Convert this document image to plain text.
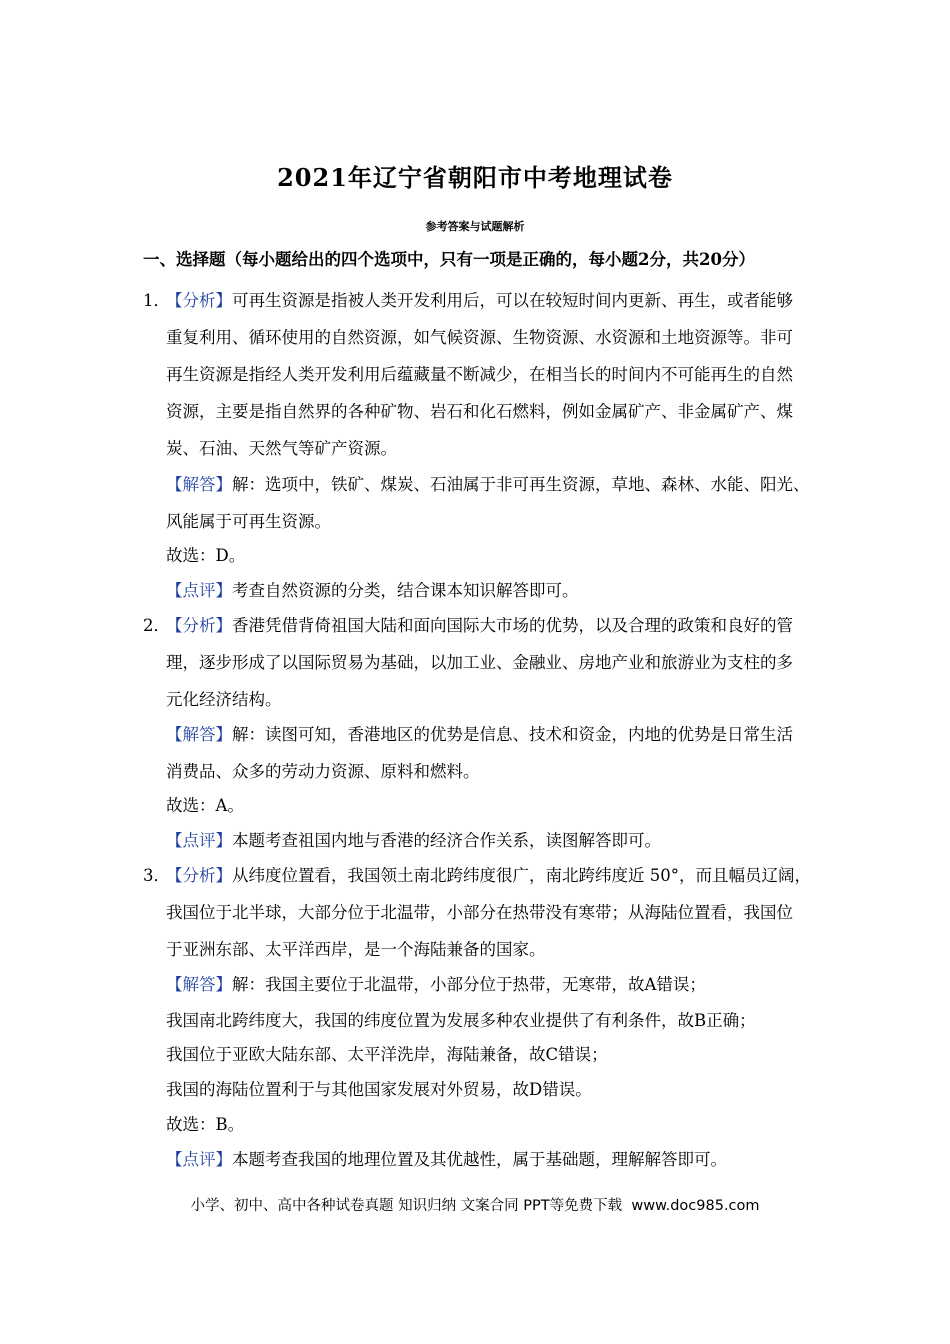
2021年辽宁省朝阳市中考地理试卷
参考答案与试题解析
一、选择题（每小题给出的四个选项中，只有一项是正确的，每小题2分，共20分）
1．
【分析】可再生资源是指被人类开发利用后，可以在较短时间内更新、再生，或者能够
重复利用、循环使用的自然资源，如气候资源、生物资源、水资源和土地资源等。非可
再生资源是指经人类开发利用后蕴藏量不断减少，在相当长的时间内不可能再生的自然
资源，主要是指自然界的各种矿物、岩石和化石燃料，例如金属矿产、非金属矿产、煤
炭、石油、天然气等矿产资源。
【解答】解：选项中，铁矿、煤炭、石油属于非可再生资源，草地、森林、水能、阳光、
风能属于可再生资源。
故选：D。
【点评】考查自然资源的分类，结合课本知识解答即可。
2．
【分析】香港凭借背倚祖国大陆和面向国际大市场的优势，以及合理的政策和良好的管
理，逐步形成了以国际贸易为基础，以加工业、金融业、房地产业和旅游业为支柱的多
元化经济结构。
【解答】解：读图可知，香港地区的优势是信息、技术和资金，内地的优势是日常生活
消费品、众多的劳动力资源、原料和燃料。
故选：A。
【点评】本题考查祖国内地与香港的经济合作关系，读图解答即可。
3．
【分析】从纬度位置看，我国领土南北跨纬度很广，南北跨纬度近 50°，而且幅员辽阔，
我国位于北半球，大部分位于北温带，小部分在热带没有寒带；从海陆位置看，我国位
于亚洲东部、太平洋西岸，是一个海陆兼备的国家。
【解答】解：我国主要位于北温带，小部分位于热带，无寒带，故A错误；
我国南北跨纬度大，我国的纬度位置为发展多种农业提供了有利条件，故B正确；
我国位于亚欧大陆东部、太平洋洗岸，海陆兼备，故C错误；
我国的海陆位置利于与其他国家发展对外贸易，故D错误。
故选：B。
【点评】本题考查我国的地理位置及其优越性，属于基础题，理解解答即可。
小学、初中、高中各种试卷真题 知识归纳 文案合同 PPT等免费下载 www.doc985.com
